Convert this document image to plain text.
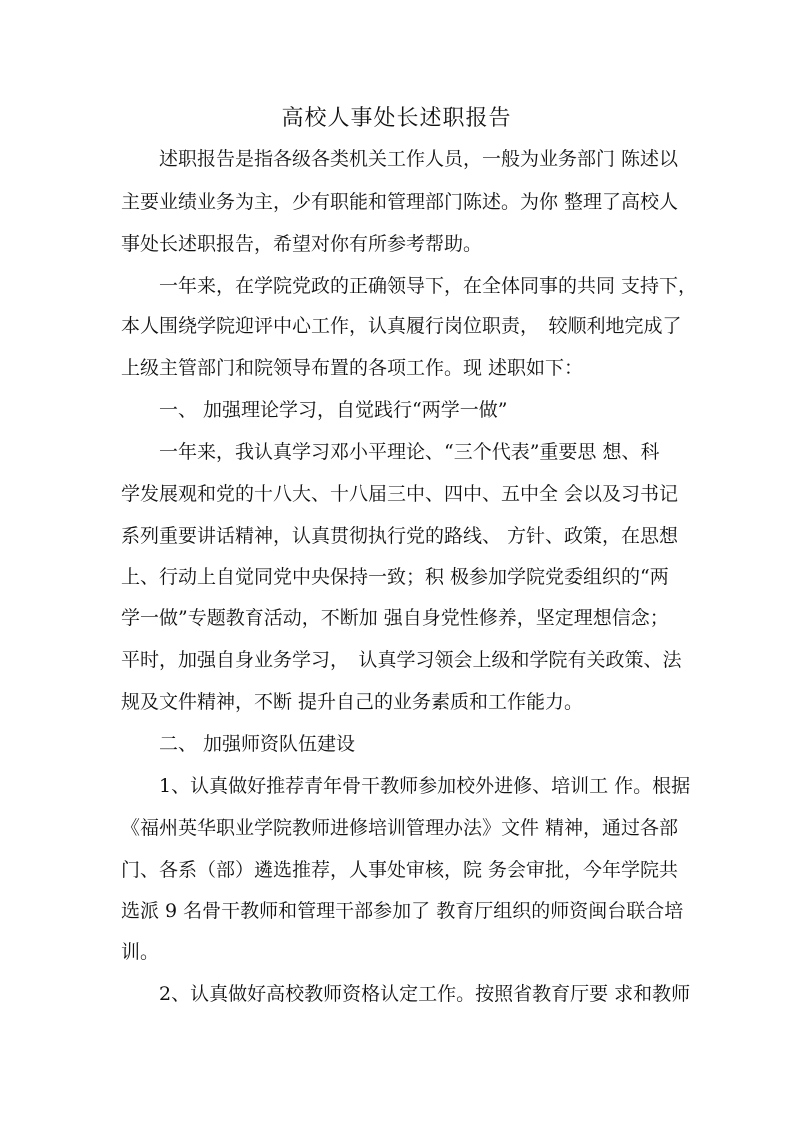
高校人事处长述职报告
　　述职报告是指各级各类机关工作人员，一般为业务部门 陈述以
主要业绩业务为主，少有职能和管理部门陈述。为你 整理了高校人
事处长述职报告，希望对你有所参考帮助。
　　一年来，在学院党政的正确领导下，在全体同事的共同 支持下，
本人围绕学院迎评中心工作，认真履行岗位职责，　较顺利地完成了
上级主管部门和院领导布置的各项工作。现 述职如下：
　　一、 加强理论学习，自觉践行“两学一做”
　　一年来，我认真学习邓小平理论、“三个代表”重要思 想、科
学发展观和党的十八大、十八届三中、四中、五中全 会以及习书记
系列重要讲话精神，认真贯彻执行党的路线、 方针、政策，在思想
上、行动上自觉同党中央保持一致；积 极参加学院党委组织的“两
学一做”专题教育活动，不断加 强自身党性修养，坚定理想信念；
平时，加强自身业务学习，　认真学习领会上级和学院有关政策、法
规及文件精神，不断 提升自己的业务素质和工作能力。
　　二、 加强师资队伍建设
　　1、认真做好推荐青年骨干教师参加校外进修、培训工 作。根据
《福州英华职业学院教师进修培训管理办法》文件 精神，通过各部
门、各系（部）遴选推荐，人事处审核，院 务会审批，今年学院共
选派 9 名骨干教师和管理干部参加了 教育厅组织的师资闽台联合培
训。
　　2、认真做好高校教师资格认定工作。按照省教育厅要 求和教师
